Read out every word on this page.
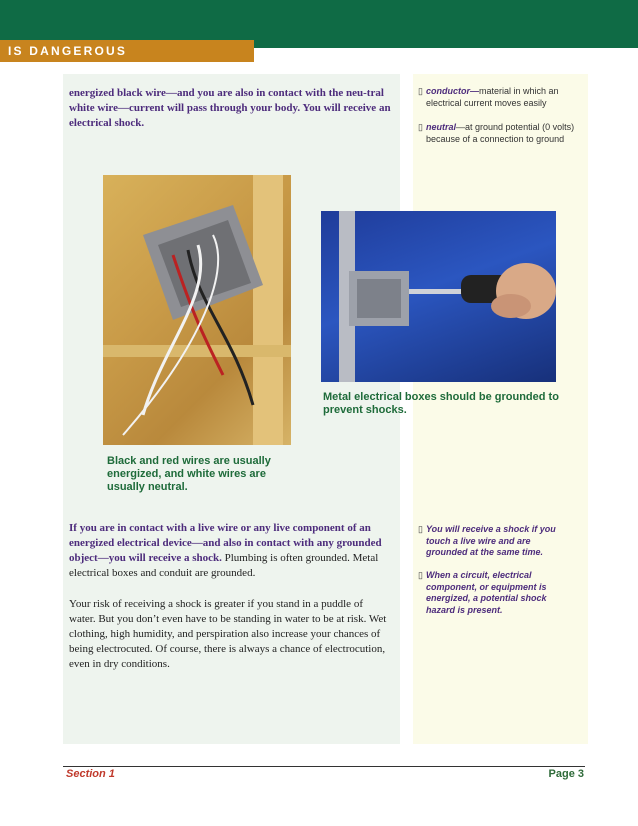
IS DANGEROUS
energized black wire—and you are also in contact with the neu-tral white wire—current will pass through your body. You will receive an electrical shock.
▯ conductor—material in which an electrical current moves easily
▯ neutral—at ground potential (0 volts) because of a connection to ground
Metal electrical boxes should be grounded to prevent shocks.
Black and red wires are usually energized, and white wires are usually neutral.
If you are in contact with a live wire or any live component of an energized electrical device—and also in contact with any grounded object—you will receive a shock. Plumbing is often grounded. Metal electrical boxes and conduit are grounded.
Your risk of receiving a shock is greater if you stand in a puddle of water. But you don’t even have to be standing in water to be at risk. Wet clothing, high humidity, and perspiration also increase your chances of being electrocuted. Of course, there is always a chance of electrocution, even in dry conditions.
▯ You will receive a shock if you touch a live wire and are grounded at the same time.
▯ When a circuit, electrical component, or equipment is energized, a potential shock hazard is present.
Section 1	Page 3
